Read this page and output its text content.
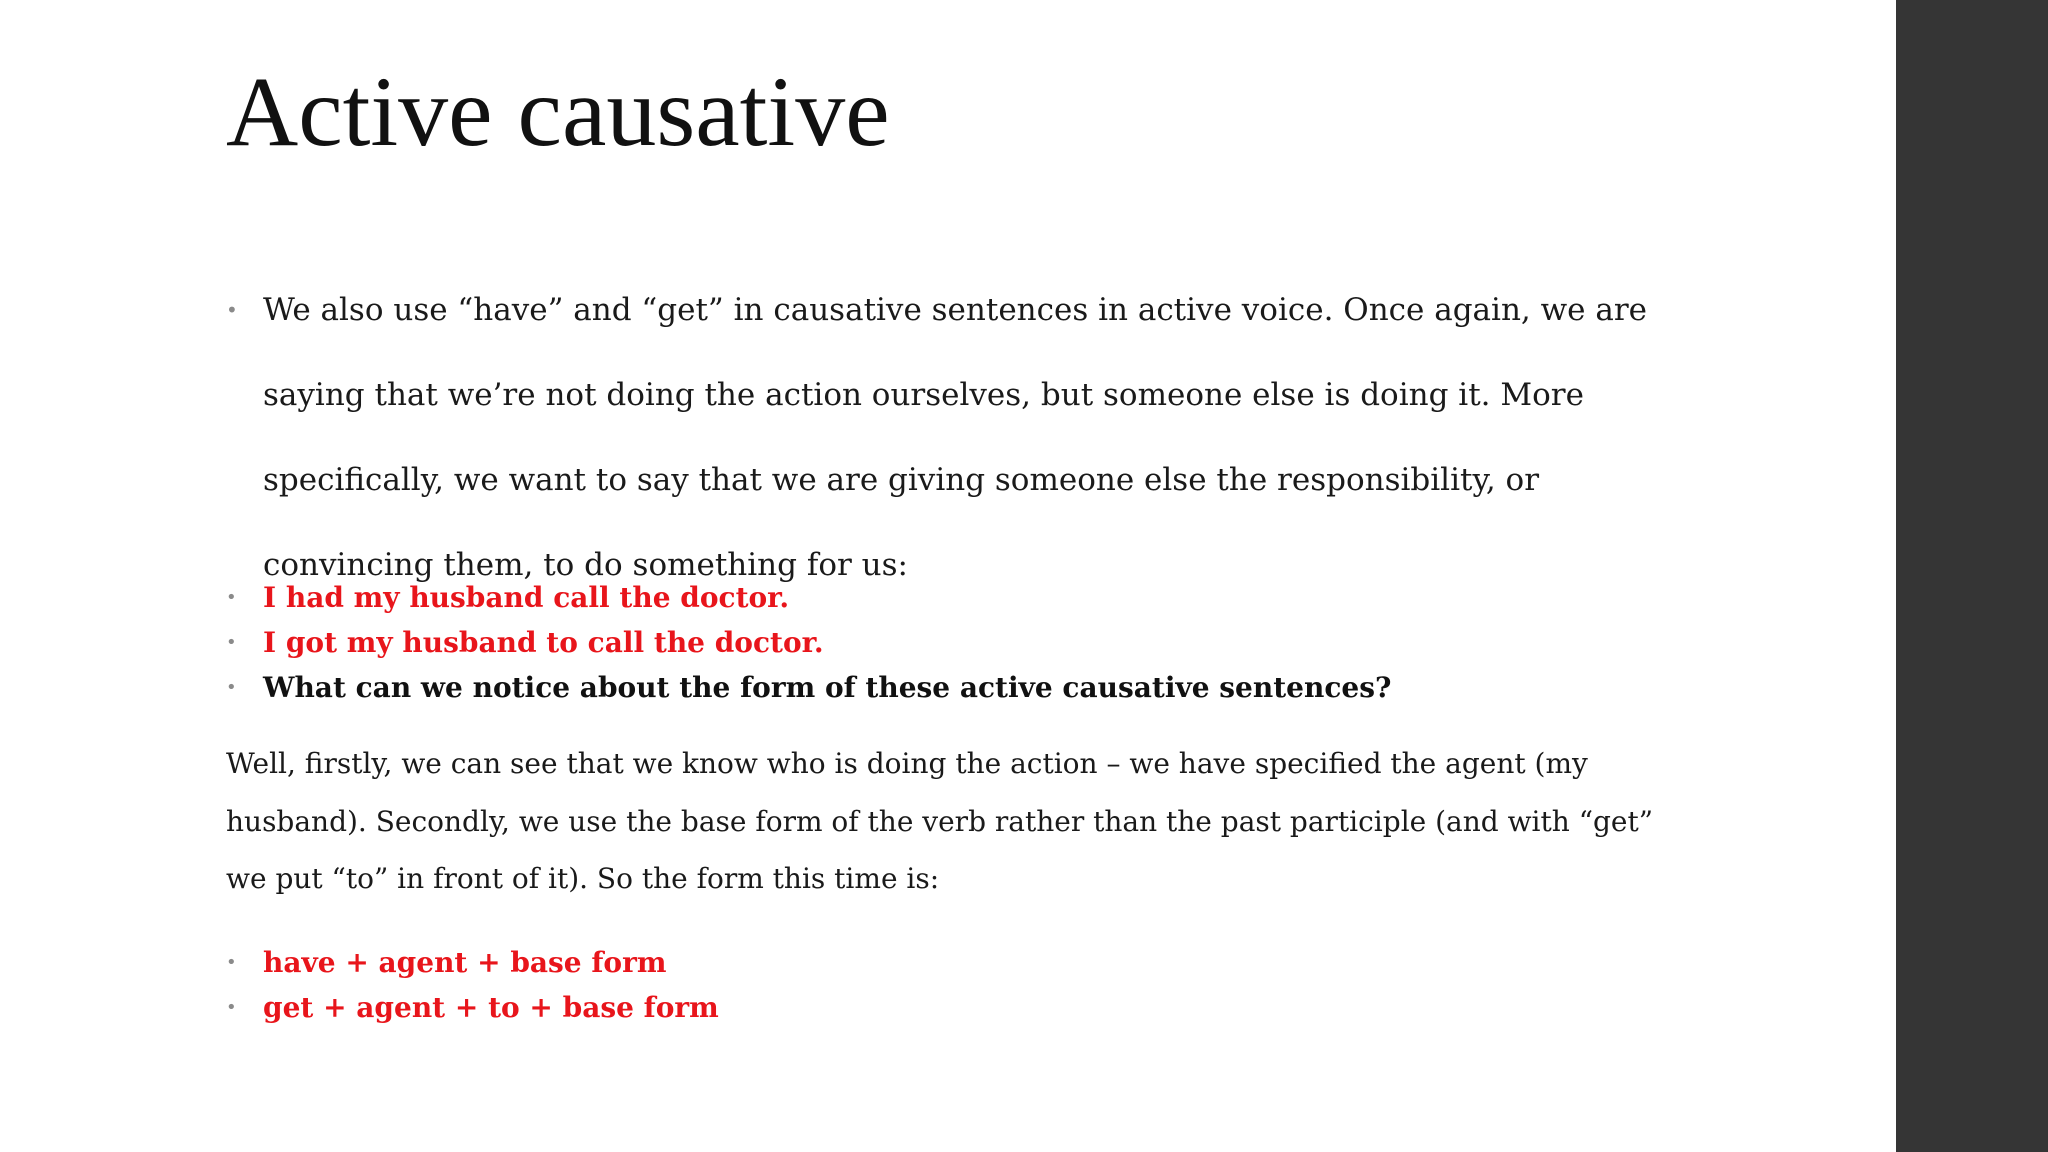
Active causative

• We also use “have” and “get” in causative sentences in active voice. Once again, we are saying that we’re not doing the action ourselves, but someone else is doing it. More specifically, we want to say that we are giving someone else the responsibility, or convincing them, to do something for us:

• I had my husband call the doctor.

• I got my husband to call the doctor.

• What can we notice about the form of these active causative sentences?

Well, firstly, we can see that we know who is doing the action – we have specified the agent (my husband). Secondly, we use the base form of the verb rather than the past participle (and with “get” we put “to” in front of it). So the form this time is:

• have + agent + base form

• get + agent + to + base form
